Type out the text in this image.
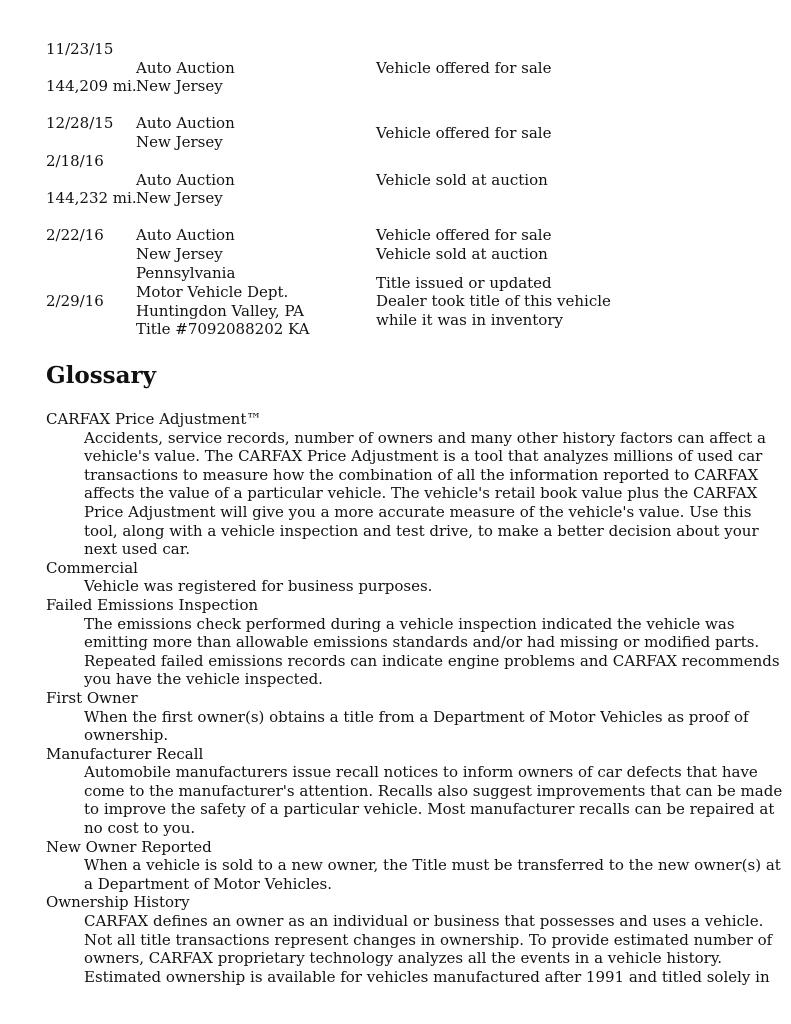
11/23/15
144,209 mi.
Auto Auction
New Jersey
Vehicle offered for sale
12/28/15	Auto Auction
New Jersey
Vehicle offered for sale
2/18/16
144,232 mi.
Auto Auction
New Jersey
Vehicle sold at auction
2/22/16	Auto Auction
New Jersey
Vehicle offered for sale
Vehicle sold at auction
2/29/16
Pennsylvania
Motor Vehicle Dept.
Huntingdon Valley, PA
Title #7092088202 KA
Title issued or updated
Dealer took title of this vehicle
while it was in inventory
Glossary
CARFAX Price Adjustment™
Accidents, service records, number of owners and many other history factors can affect a vehicle's value. The CARFAX Price Adjustment is a tool that analyzes millions of used car transactions to measure how the combination of all the information reported to CARFAX affects the value of a particular vehicle. The vehicle's retail book value plus the CARFAX Price Adjustment will give you a more accurate measure of the vehicle's value. Use this tool, along with a vehicle inspection and test drive, to make a better decision about your next used car.
Commercial
Vehicle was registered for business purposes.
Failed Emissions Inspection
The emissions check performed during a vehicle inspection indicated the vehicle was emitting more than allowable emissions standards and/or had missing or modified parts. Repeated failed emissions records can indicate engine problems and CARFAX recommends you have the vehicle inspected.
First Owner
When the first owner(s) obtains a title from a Department of Motor Vehicles as proof of ownership.
Manufacturer Recall
Automobile manufacturers issue recall notices to inform owners of car defects that have come to the manufacturer's attention. Recalls also suggest improvements that can be made to improve the safety of a particular vehicle. Most manufacturer recalls can be repaired at no cost to you.
New Owner Reported
When a vehicle is sold to a new owner, the Title must be transferred to the new owner(s) at a Department of Motor Vehicles.
Ownership History
CARFAX defines an owner as an individual or business that possesses and uses a vehicle. Not all title transactions represent changes in ownership. To provide estimated number of owners, CARFAX proprietary technology analyzes all the events in a vehicle history. Estimated ownership is available for vehicles manufactured after 1991 and titled solely in
